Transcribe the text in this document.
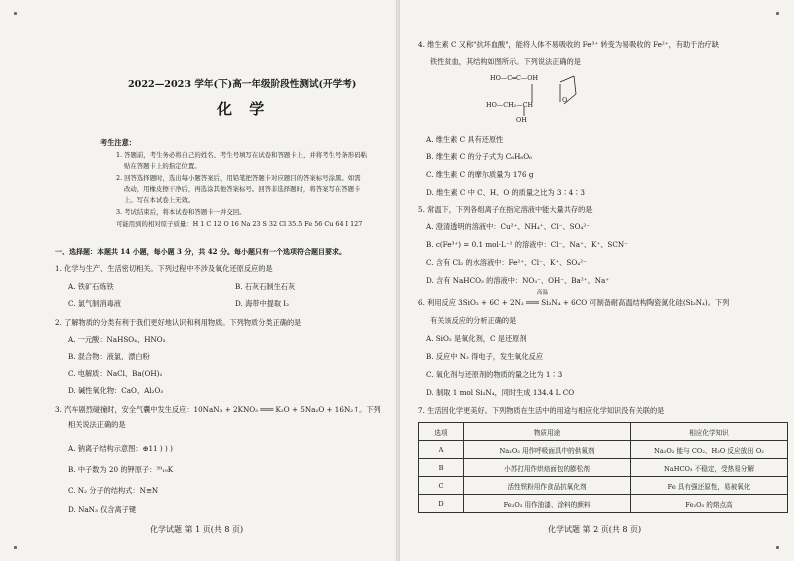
2022—2023 学年(下)高一年级阶段性测试(开学考)
化 学
考生注意：
1. 答题前，考生务必将自己的姓名、考生号填写在试卷和答题卡上，并将考生号条形码粘
贴在答题卡上的指定位置。
2. 回答选择题时，选出每小题答案后，用铅笔把答题卡对应题目的答案标号涂黑。如需
改动，用橡皮擦干净后，再选涂其他答案标号。回答非选择题时，将答案写在答题卡
上。写在本试卷上无效。
3. 考试结束后，将本试卷和答题卡一并交回。
可能用到的相对原子质量：H 1 C 12 O 16 Na 23 S 32 Cl 35.5 Fe 56 Cu 64 I 127
一、选择题：本题共 14 小题，每小题 3 分，共 42 分。每小题只有一个选项符合题目要求。
1. 化学与生产、生活密切相关。下列过程中不涉及氧化还原反应的是
A. 铁矿石炼铁	B. 石灰石制生石灰
C. 氯气制消毒液	D. 海带中提取 I₂
2. 了解物质的分类有利于我们更好地认识和利用物质。下列物质分类正确的是
A. 一元酸：NaHSO₄、HNO₃
B. 混合物：液氯、漂白粉
C. 电解质：NaCl、Ba(OH)₂
D. 碱性氧化物：CaO、Al₂O₃
3. 汽车剧烈碰撞时，安全气囊中发生反应：10NaN₃ + 2KNO₃ ═══ K₂O + 5Na₂O + 16N₂↑。下列
相关说法正确的是
A. 钠离子结构示意图：⊕11 ) ) )
B. 中子数为 20 的钾原子：³⁹₁₉K
C. N₂ 分子的结构式：N≡N
D. NaN₃ 仅含离子键
化学试题 第 1 页(共 8 页)
4. 维生素 C 又称"抗坏血酸"，能将人体不易吸收的 Fe³⁺ 转变为易吸收的 Fe²⁺，有助于治疗缺
铁性贫血，其结构如图所示。下列说法正确的是
HO—C═C—OH
HO—CH₂—CH
OH
O
A. 维生素 C 具有还原性
B. 维生素 C 的分子式为 C₆H₆O₆
C. 维生素 C 的摩尔质量为 176 g
D. 维生素 C 中 C、H、O 的质量之比为 3∶4∶3
5. 常温下，下列各组离子在指定溶液中能大量共存的是
A. 澄清透明的溶液中：Cu²⁺、NH₄⁺、Cl⁻、SO₄²⁻
B. c(Fe³⁺) = 0.1 mol·L⁻¹ 的溶液中：Cl⁻、Na⁺、K⁺、SCN⁻
C. 含有 Cl₂ 的水溶液中：Fe²⁺、Cl⁻、K⁺、SO₄²⁻
D. 含有 NaHCO₃ 的溶液中：NO₃⁻、OH⁻、Ba²⁺、Na⁺
高温
6. 利用反应 3SiO₂ + 6C + 2N₂ ═══ Si₃N₄ + 6CO 可制备耐高温结构陶瓷氮化硅(Si₃N₄)。下列
有关该反应的分析正确的是
A. SiO₂ 是氧化剂，C 是还原剂
B. 反应中 N₂ 得电子，发生氧化反应
C. 氧化剂与还原剂的物质的量之比为 1∶3
D. 制取 1 mol Si₃N₄，同时生成 134.4 L CO
7. 生活因化学更美好。下列物质在生活中的用途与相应化学知识没有关联的是
选项	物质用途	相应化学知识
A	Na₂O₂ 用作呼吸面具中的供氧剂	Na₂O₂ 能与 CO₂、H₂O 反应放出 O₂
B	小苏打用作烘焙面包的膨松剂	NaHCO₃ 不稳定，受热易分解
C	活性铁粉用作食品抗氧化剂	Fe 具有强还原性，易被氧化
D	Fe₂O₃ 用作油漆、涂料的颜料	Fe₂O₃ 的熔点高
化学试题 第 2 页(共 8 页)
